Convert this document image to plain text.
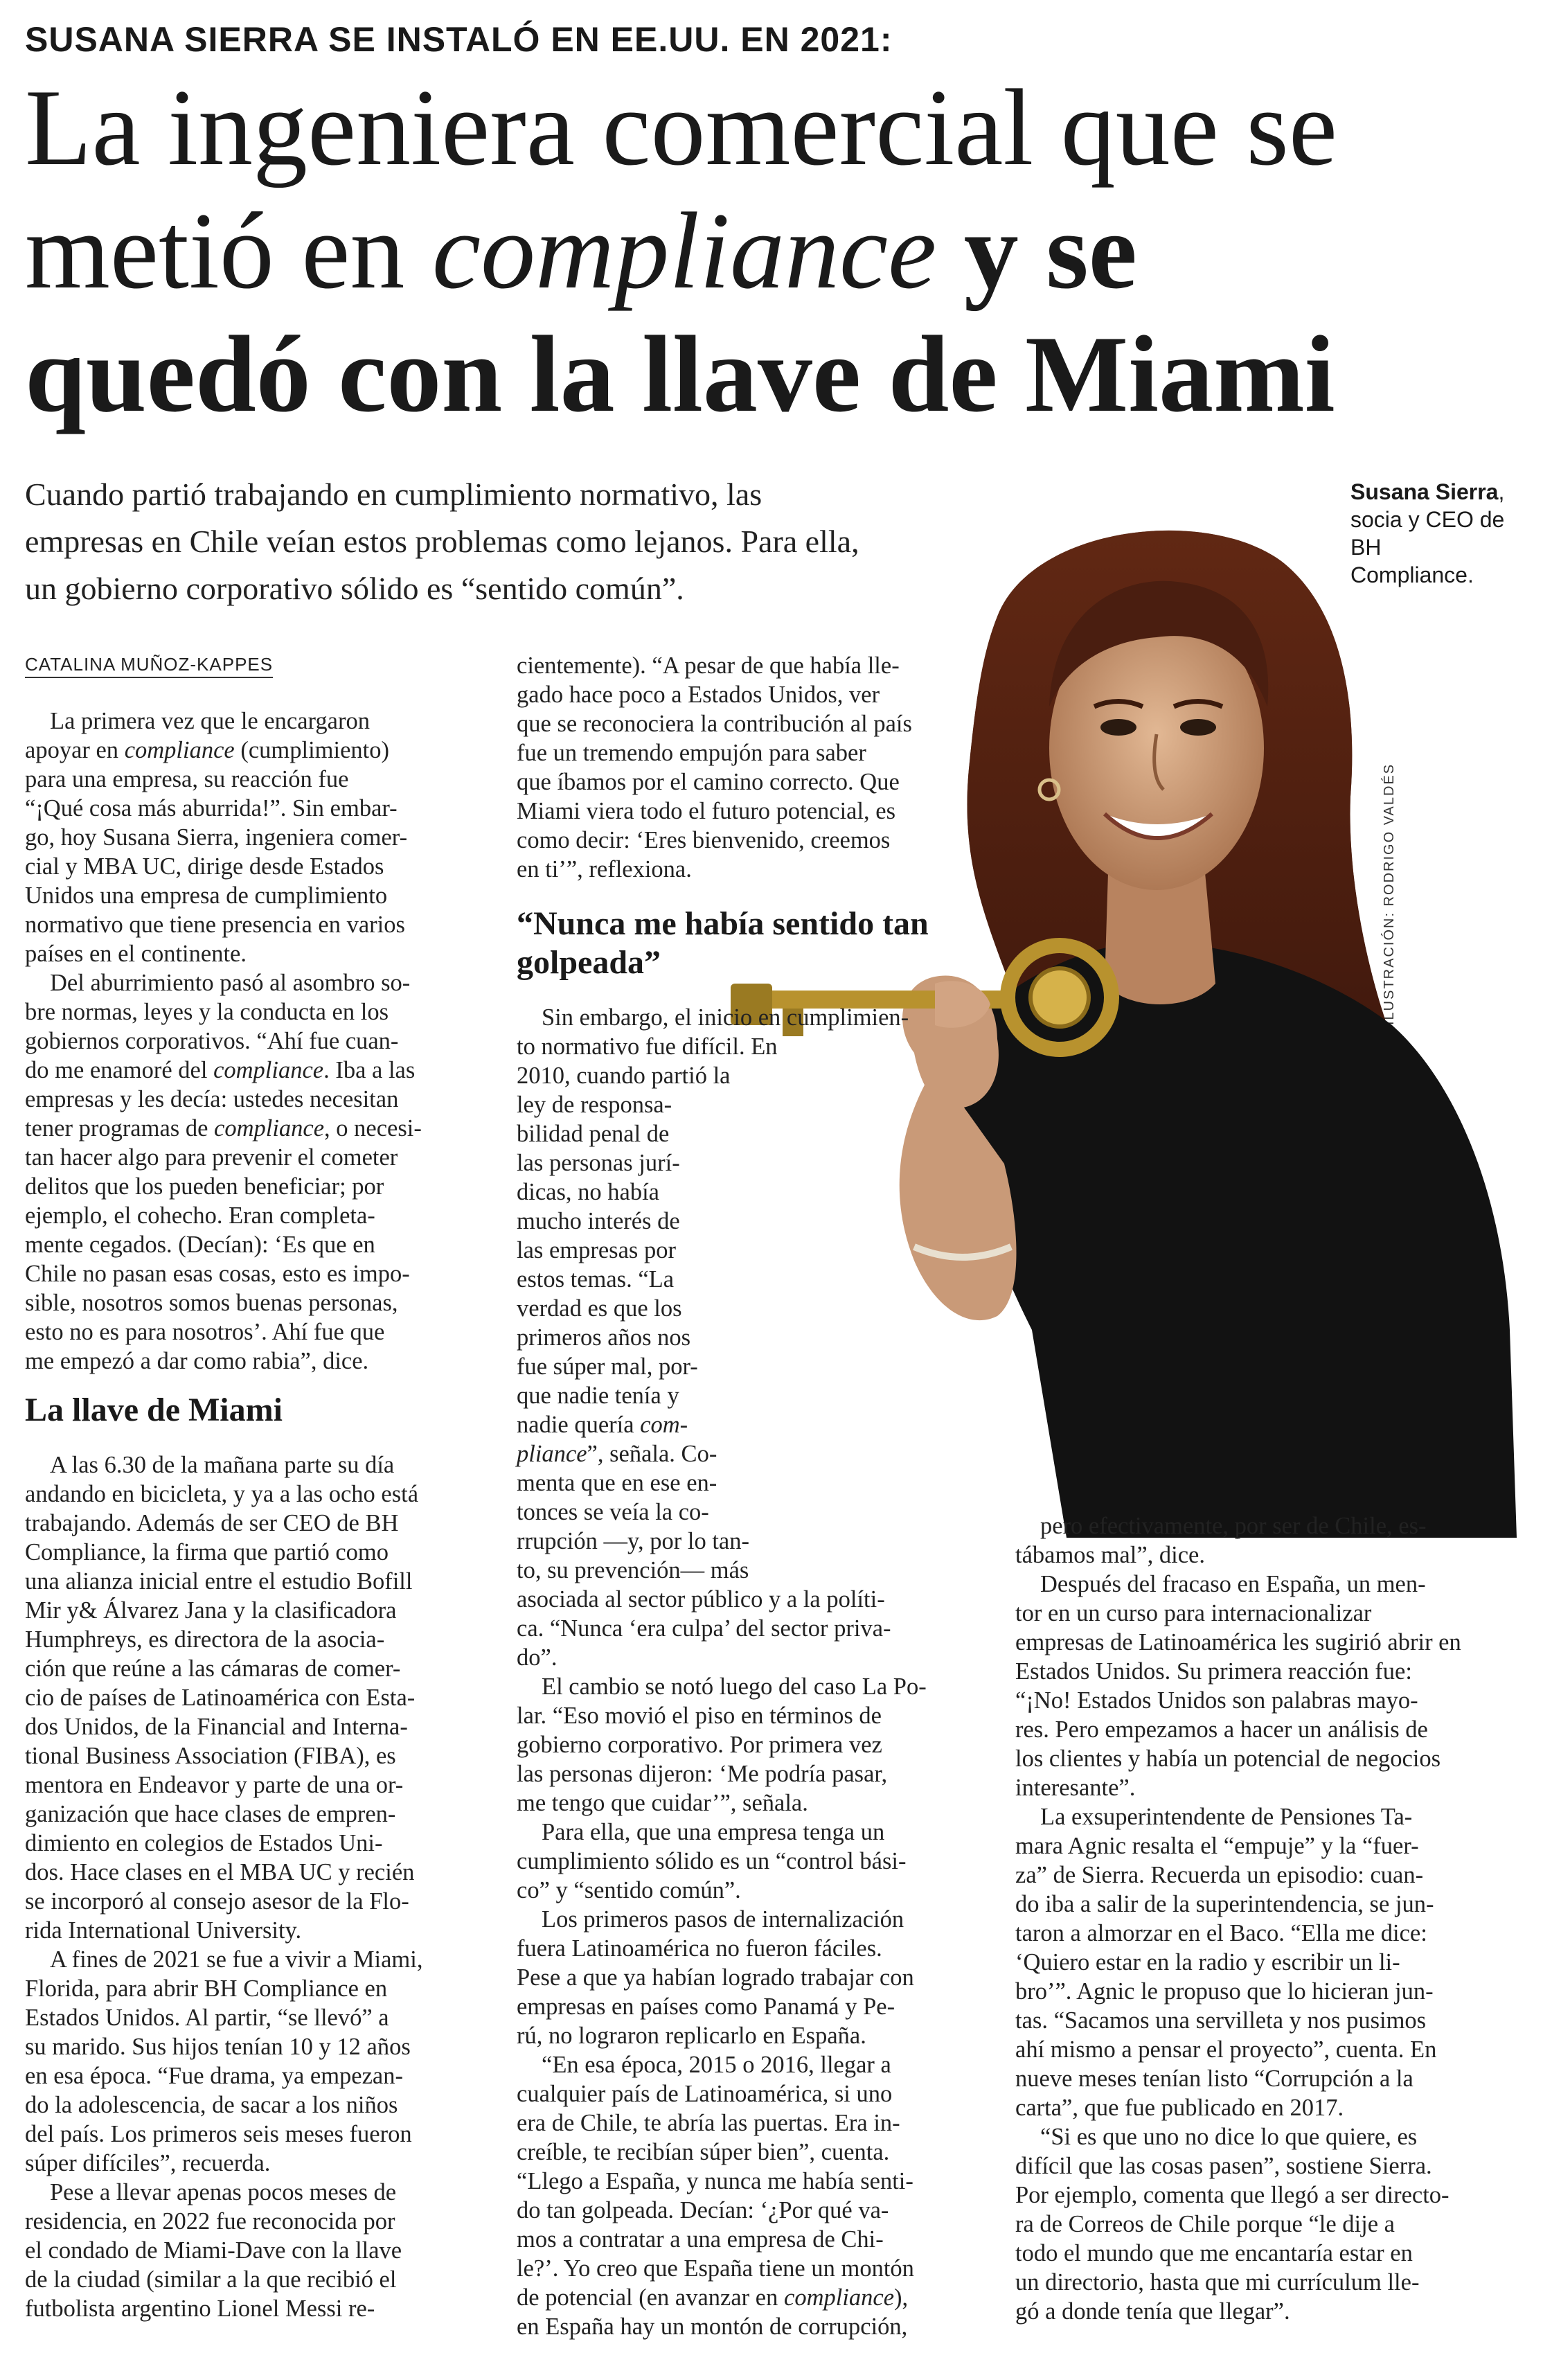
SUSANA SIERRA SE INSTALÓ EN EE.UU. EN 2021:
La ingeniera comercial que se
metió en compliance y se
quedó con la llave de Miami
Cuando partió trabajando en cumplimiento normativo, las
empresas en Chile veían estos problemas como lejanos. Para ella,
un gobierno corporativo sólido es “sentido común”.
Susana Sierra, socia y CEO de BH Compliance.
ILUSTRACIÓN: RODRIGO VALDÉS
CATALINA MUÑOZ-KAPPES
La primera vez que le encargaron
apoyar en compliance (cumplimiento)
para una empresa, su reacción fue
“¡Qué cosa más aburrida!”. Sin embar-
go, hoy Susana Sierra, ingeniera comer-
cial y MBA UC, dirige desde Estados
Unidos una empresa de cumplimiento
normativo que tiene presencia en varios
países en el continente.
Del aburrimiento pasó al asombro so-
bre normas, leyes y la conducta en los
gobiernos corporativos. “Ahí fue cuan-
do me enamoré del compliance. Iba a las
empresas y les decía: ustedes necesitan
tener programas de compliance, o necesi-
tan hacer algo para prevenir el cometer
delitos que los pueden beneficiar; por
ejemplo, el cohecho. Eran completa-
mente cegados. (Decían): ‘Es que en
Chile no pasan esas cosas, esto es impo-
sible, nosotros somos buenas personas,
esto no es para nosotros’. Ahí fue que
me empezó a dar como rabia”, dice.
La llave de Miami
A las 6.30 de la mañana parte su día
andando en bicicleta, y ya a las ocho está
trabajando. Además de ser CEO de BH
Compliance, la firma que partió como
una alianza inicial entre el estudio Bofill
Mir y& Álvarez Jana y la clasificadora
Humphreys, es directora de la asocia-
ción que reúne a las cámaras de comer-
cio de países de Latinoamérica con Esta-
dos Unidos, de la Financial and Interna-
tional Business Association (FIBA), es
mentora en Endeavor y parte de una or-
ganización que hace clases de empren-
dimiento en colegios de Estados Uni-
dos. Hace clases en el MBA UC y recién
se incorporó al consejo asesor de la Flo-
rida International University.
A fines de 2021 se fue a vivir a Miami,
Florida, para abrir BH Compliance en
Estados Unidos. Al partir, “se llevó” a
su marido. Sus hijos tenían 10 y 12 años
en esa época. “Fue drama, ya empezan-
do la adolescencia, de sacar a los niños
del país. Los primeros seis meses fueron
súper difíciles”, recuerda.
Pese a llevar apenas pocos meses de
residencia, en 2022 fue reconocida por
el condado de Miami-Dave con la llave
de la ciudad (similar a la que recibió el
futbolista argentino Lionel Messi re-
cientemente). “A pesar de que había lle-
gado hace poco a Estados Unidos, ver
que se reconociera la contribución al país
fue un tremendo empujón para saber
que íbamos por el camino correcto. Que
Miami viera todo el futuro potencial, es
como decir: ‘Eres bienvenido, creemos
en ti’”, reflexiona.
“Nunca me había sentido tan
golpeada”
Sin embargo, el inicio en cumplimien-
to normativo fue difícil. En
2010, cuando partió la
ley de responsa-
bilidad penal de
las personas jurí-
dicas, no había
mucho interés de
las empresas por
estos temas. “La
verdad es que los
primeros años nos
fue súper mal, por-
que nadie tenía y
nadie quería com-
pliance”, señala. Co-
menta que en ese en-
tonces se veía la co-
rrupción —y, por lo tan-
to, su prevención— más
asociada al sector público y a la políti-
ca. “Nunca ‘era culpa’ del sector priva-
do”.
El cambio se notó luego del caso La Po-
lar. “Eso movió el piso en términos de
gobierno corporativo. Por primera vez
las personas dijeron: ‘Me podría pasar,
me tengo que cuidar’”, señala.
Para ella, que una empresa tenga un
cumplimiento sólido es un “control bási-
co” y “sentido común”.
Los primeros pasos de internalización
fuera Latinoamérica no fueron fáciles.
Pese a que ya habían logrado trabajar con
empresas en países como Panamá y Pe-
rú, no lograron replicarlo en España.
“En esa época, 2015 o 2016, llegar a
cualquier país de Latinoamérica, si uno
era de Chile, te abría las puertas. Era in-
creíble, te recibían súper bien”, cuenta.
“Llego a España, y nunca me había senti-
do tan golpeada. Decían: ‘¿Por qué va-
mos a contratar a una empresa de Chi-
le?’. Yo creo que España tiene un montón
de potencial (en avanzar en compliance),
en España hay un montón de corrupción,
pero efectivamente, por ser de Chile, es-
tábamos mal”, dice.
Después del fracaso en España, un men-
tor en un curso para internacionalizar
empresas de Latinoamérica les sugirió abrir en
Estados Unidos. Su primera reacción fue:
“¡No! Estados Unidos son palabras mayo-
res. Pero empezamos a hacer un análisis de
los clientes y había un potencial de negocios
interesante”.
La exsuperintendente de Pensiones Ta-
mara Agnic resalta el “empuje” y la “fuer-
za” de Sierra. Recuerda un episodio: cuan-
do iba a salir de la superintendencia, se jun-
taron a almorzar en el Baco. “Ella me dice:
‘Quiero estar en la radio y escribir un li-
bro’”. Agnic le propuso que lo hicieran jun-
tas. “Sacamos una servilleta y nos pusimos
ahí mismo a pensar el proyecto”, cuenta. En
nueve meses tenían listo “Corrupción a la
carta”, que fue publicado en 2017.
“Si es que uno no dice lo que quiere, es
difícil que las cosas pasen”, sostiene Sierra.
Por ejemplo, comenta que llegó a ser directo-
ra de Correos de Chile porque “le dije a
todo el mundo que me encantaría estar en
un directorio, hasta que mi currículum lle-
gó a donde tenía que llegar”.
